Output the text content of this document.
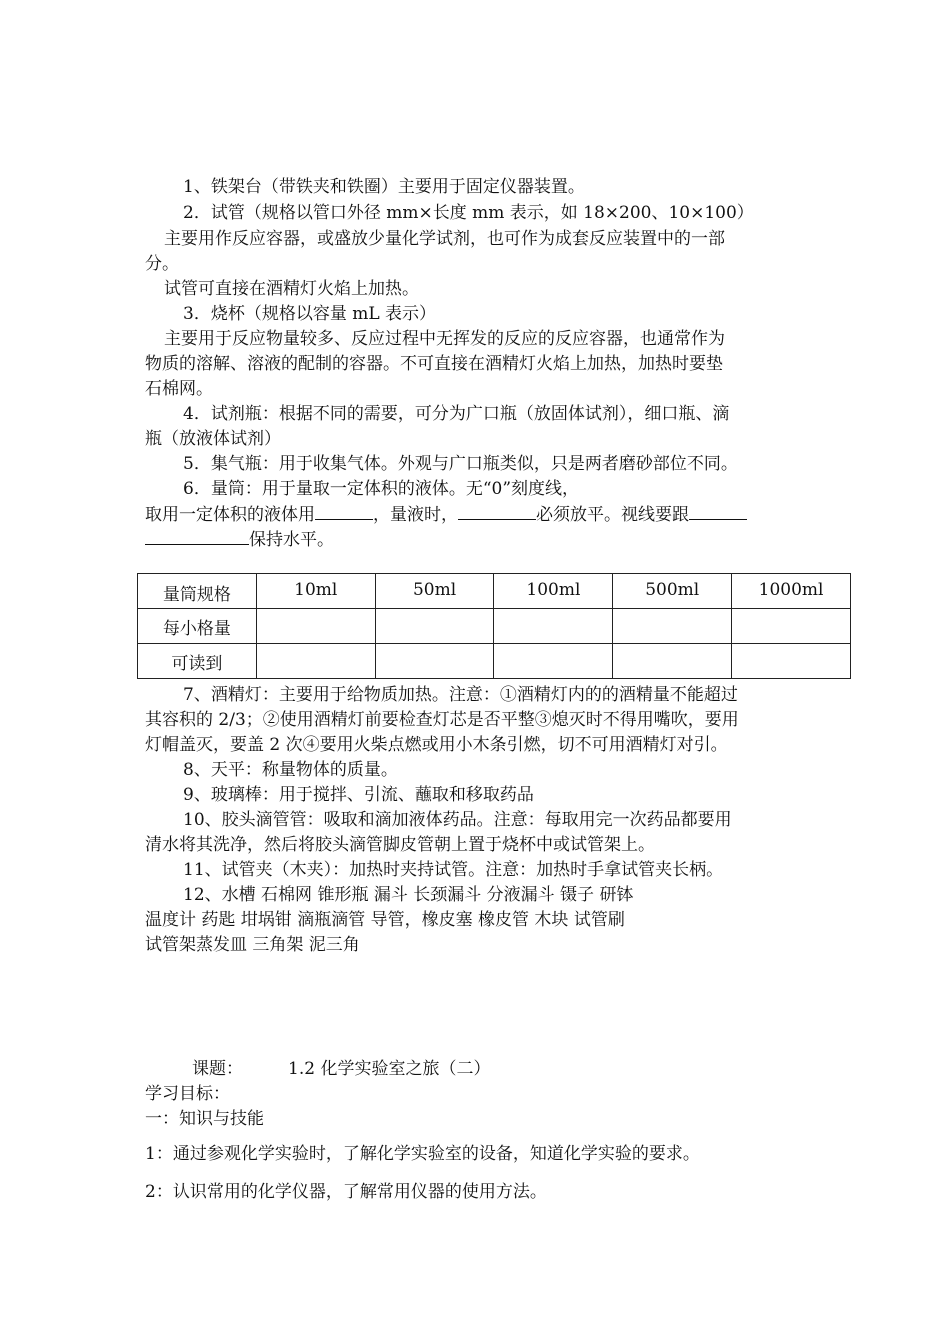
1、铁架台（带铁夹和铁圈）主要用于固定仪器装置。
2．试管（规格以管口外径 mm×长度 mm 表示，如 18×200、10×100）
主要用作反应容器，或盛放少量化学试剂，也可作为成套反应装置中的一部
分。
试管可直接在酒精灯火焰上加热。
3．烧杯（规格以容量 mL 表示）
主要用于反应物量较多、反应过程中无挥发的反应的反应容器，也通常作为
物质的溶解、溶液的配制的容器。不可直接在酒精灯火焰上加热，加热时要垫
石棉网。
4．试剂瓶：根据不同的需要，可分为广口瓶（放固体试剂），细口瓶、滴
瓶（放液体试剂）
5．集气瓶：用于收集气体。外观与广口瓶类似，只是两者磨砂部位不同。
6．量筒：用于量取一定体积的液体。无“0”刻度线，
取用一定体积的液体用	，量液时，	必须放平。视线要跟
保持水平。
量筒规格	10ml	50ml	100ml	500ml	1000ml
每小格量					
可读到					
7、酒精灯：主要用于给物质加热。注意：①酒精灯内的的酒精量不能超过
其容积的 2/3；②使用酒精灯前要检查灯芯是否平整③熄灭时不得用嘴吹，要用
灯帽盖灭，要盖 2 次④要用火柴点燃或用小木条引燃，切不可用酒精灯对引。
8、天平：称量物体的质量。
9、玻璃棒：用于搅拌、引流、蘸取和移取药品
10、胶头滴管管：吸取和滴加液体药品。注意：每取用完一次药品都要用
清水将其洗净，然后将胶头滴管脚皮管朝上置于烧杯中或试管架上。
11、试管夹（木夹）：加热时夹持试管。注意：加热时手拿试管夹长柄。
12、水槽 石棉网 锥形瓶 漏斗 长颈漏斗 分液漏斗 镊子 研钵
温度计 药匙 坩埚钳 滴瓶滴管 导管，橡皮塞 橡皮管 木块 试管刷
试管架蒸发皿 三角架 泥三角
课题：	1.2 化学实验室之旅（二）
学习目标：
一：知识与技能
1：通过参观化学实验时，了解化学实验室的设备，知道化学实验的要求。
2：认识常用的化学仪器，了解常用仪器的使用方法。
